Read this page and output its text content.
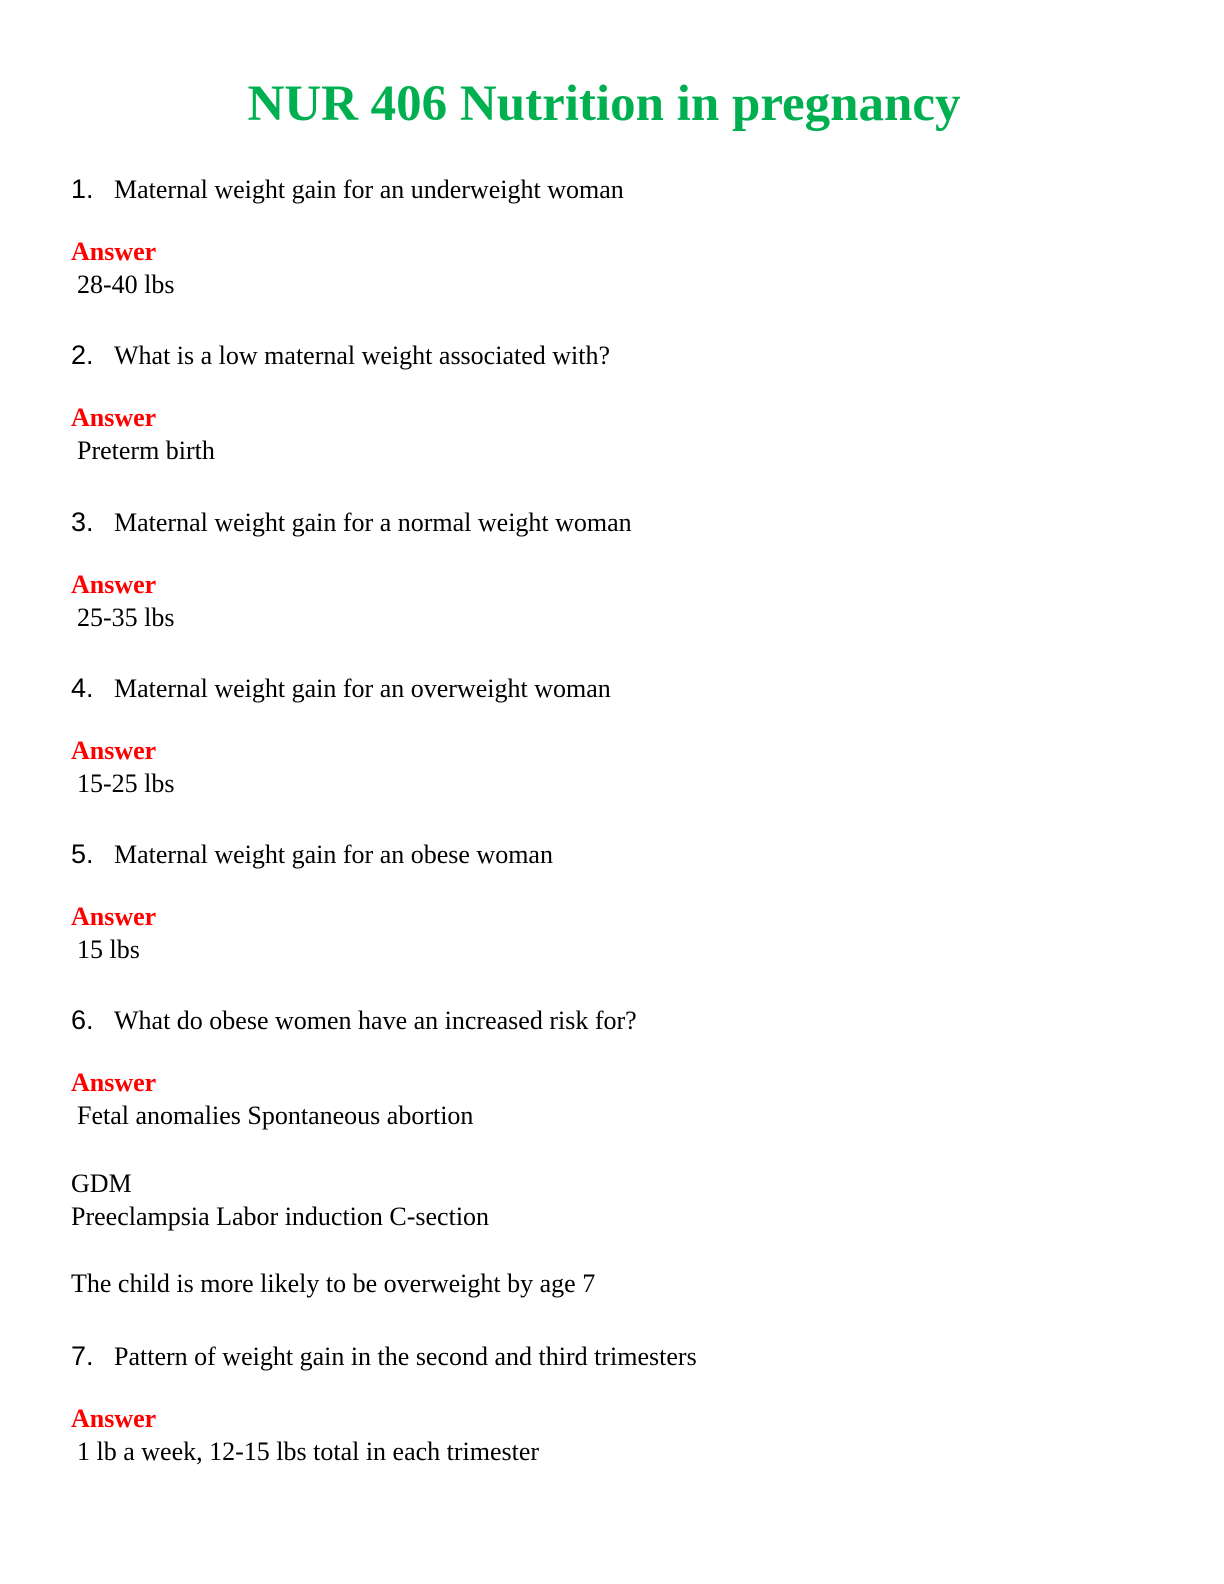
NUR 406 Nutrition in pregnancy
1. Maternal weight gain for an underweight woman
Answer
28-40 lbs
2. What is a low maternal weight associated with?
Answer
Preterm birth
3. Maternal weight gain for a normal weight woman
Answer
25-35 lbs
4. Maternal weight gain for an overweight woman
Answer
15-25 lbs
5. Maternal weight gain for an obese woman
Answer
15 lbs
6. What do obese women have an increased risk for?
Answer
Fetal anomalies Spontaneous abortion
GDM
Preeclampsia Labor induction C-section
The child is more likely to be overweight by age 7
7. Pattern of weight gain in the second and third trimesters
Answer
1 lb a week, 12-15 lbs total in each trimester
